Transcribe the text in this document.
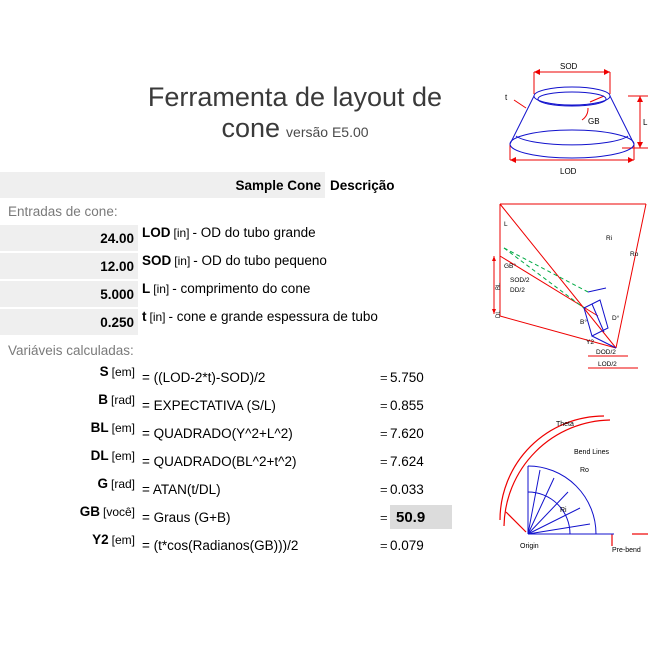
Ferramenta de layout de cone versão E5.00
Sample Cone Descrição
Entradas de cone:
24.00 LOD [in] - OD do tubo grande
12.00 SOD [in] - OD do tubo pequeno
5.000 L [in] - comprimento do cone
0.250 t [in] - cone e grande espessura de tubo
Variáveis calculadas:
S [em] = ((LOD-2*t)-SOD)/2	= 5.750
B [rad] = EXPECTATIVA (S/L)	= 0.855
BL [em] = QUADRADO(Y^2+L^2)	= 7.620
DL [em] = QUADRADO(BL^2+t^2)	= 7.624
G [rad] = ATAN(t/DL)	= 0.033
GB [você] = Graus (G+B)	= 50.9
Y2 [em] = (t*cos(Radianos(GB)))/2	= 0.079
SOD
GB
t
L
LOD
Ri
Ro
GB°
SOD/2
DD/2
B°
D°
Y2
DOD/2
LOD/2
L
DL
BL
Theta
Bend Lines
Ro
Ri
Origin
Pre-bend
